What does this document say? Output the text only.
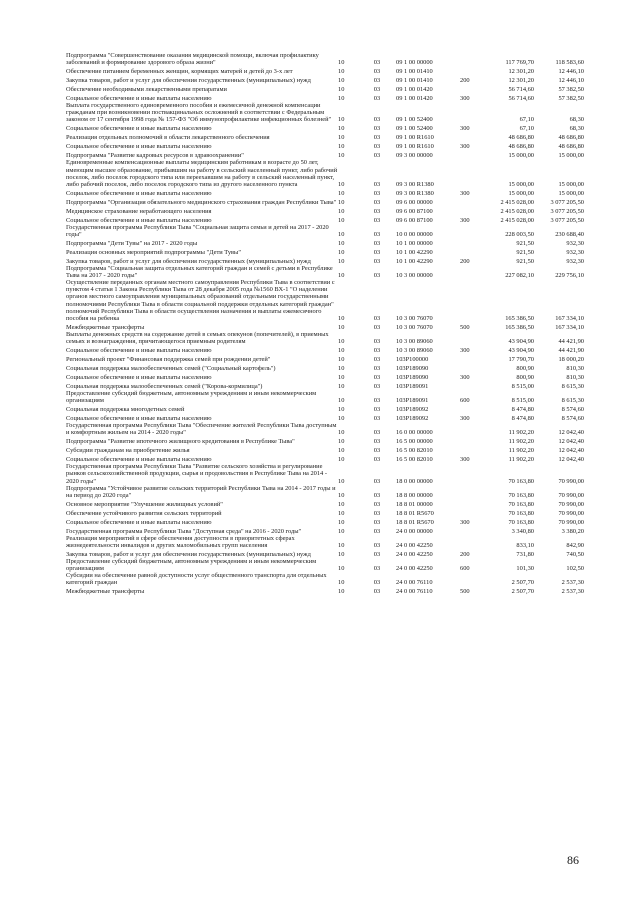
Подпрограмма "Совершенствование оказания медицинской помощи, включая профилактику заболеваний и формирование здорового образа жизни"	10	03	09 1 00 00000		117 769,70	118 583,60
Обеспечение питанием беременных женщин, кормящих матерей и детей до 3-х лет	10	03	09 1 00 01410		12 301,20	12 446,10
Закупка товаров, работ и услуг для обеспечения государственных (муниципальных) нужд	10	03	09 1 00 01410	200	12 301,20	12 446,10
Обеспечение необходимыми лекарственными препаратами	10	03	09 1 00 01420		56 714,60	57 382,50
Социальное обеспечение и иные выплаты населению	10	03	09 1 00 01420	300	56 714,60	57 382,50
Выплата государственного единовременного пособия и ежемесячной денежной компенсации гражданам при возникновении поствакцинальных осложнений в соответствии с Федеральным законом от 17 сентября 1998 года № 157-ФЗ "Об иммунопрофилактике инфекционных болезней"	10	03	09 1 00 52400		67,10	68,30
Социальное обеспечение и иные выплаты населению	10	03	09 1 00 52400	300	67,10	68,30
Реализация отдельных полномочий в области лекарственного обеспечения	10	03	09 1 00 R1610		48 686,80	48 686,80
Социальное обеспечение и иные выплаты населению	10	03	09 1 00 R1610	300	48 686,80	48 686,80
Подпрограмма "Развитие кадровых ресурсов в здравоохранении"	10	03	09 3 00 00000		15 000,00	15 000,00
Единовременные компенсационные выплаты медицинским работникам в возрасте до 50 лет, имеющим высшее образование, прибывшим на работу в сельский населенный пункт, либо рабочий поселок, либо поселок городского типа или переехавшим на работу в сельский населенный пункт, либо рабочий поселок, либо поселок городского типа из другого населенного пункта	10	03	09 3 00 R1380		15 000,00	15 000,00
Социальное обеспечение и иные выплаты населению	10	03	09 3 00 R1380	300	15 000,00	15 000,00
Подпрограмма "Организация обязательного медицинского страхования граждан Республики Тыва"	10	03	09 6 00 00000		2 415 028,00	3 077 205,50
Медицинское страхование неработающего населения	10	03	09 6 00 87100		2 415 028,00	3 077 205,50
Социальное обеспечение и иные выплаты населению	10	03	09 6 00 87100	300	2 415 028,00	3 077 205,50
Государственная программа Республики Тыва "Социальная защита семьи и детей на 2017 - 2020 годы"	10	03	10 0 00 00000		228 003,50	230 688,40
Подпрограмма "Дети Тувы" на 2017 - 2020 годы	10	03	10 1 00 00000		921,50	932,30
Реализация основных мероприятий подпрограммы "Дети Тувы"	10	03	10 1 00 42290		921,50	932,30
Закупка товаров, работ и услуг для обеспечения государственных (муниципальных) нужд	10	03	10 1 00 42290	200	921,50	932,30
Подпрограмма "Социальная защита отдельных категорий граждан и семей с детьми в Республике Тыва на 2017 - 2020 годы"	10	03	10 3 00 00000		227 082,10	229 756,10
Осуществление переданных органам местного самоуправления Республики Тыва в соответствии с пунктом 4 статьи 1 Закона Республики Тыва от 28 декабря 2005 года №1560 ВХ-1 "О наделении органов местного самоуправления муниципальных образований отдельными государственными полномочиями Республики Тыва в области социальной поддержки отдельных категорий граждан" полномочий Республики Тыва в области осуществления назначения и выплаты ежемесячного пособия на ребенка	10	03	10 3 00 76070		165 386,50	167 334,10
Межбюджетные трансферты	10	03	10 3 00 76070	500	165 386,50	167 334,10
Выплаты денежных средств на содержание детей в семьях опекунов (попечителей), в приемных семьях и вознаграждения, причитающегося приемным родителям	10	03	10 3 00 89060		43 904,90	44 421,90
Социальное обеспечение и иные выплаты населению	10	03	10 3 00 89060	300	43 904,90	44 421,90
Региональный проект "Финансовая поддержка семей при рождении детей"	10	03	103P100000		17 790,70	18 000,20
Социальная поддержка малообеспеченных семей ("Социальный картофель")	10	03	103P189090		800,90	810,30
Социальное обеспечение и иные выплаты населению	10	03	103P189090	300	800,90	810,30
Социальная поддержка малообеспеченных семей ("Корова-кормилица")	10	03	103P189091		8 515,00	8 615,30
Предоставление субсидий бюджетным, автономным учреждениям и иным некоммерческим организациям	10	03	103P189091	600	8 515,00	8 615,30
Социальная поддержка многодетных семей	10	03	103P189092		8 474,80	8 574,60
Социальное обеспечение и иные выплаты населению	10	03	103P189092	300	8 474,80	8 574,60
Государственная программа Республики Тыва "Обеспечение жителей Республики Тыва доступным и комфортным жильем на 2014 - 2020 годы"	10	03	16 0 00 00000		11 902,20	12 042,40
Подпрограмма "Развитие ипотечного жилищного кредитования в Республике Тыва"	10	03	16 5 00 00000		11 902,20	12 042,40
Субсидии гражданам на приобретение жилья	10	03	16 5 00 82010		11 902,20	12 042,40
Социальное обеспечение и иные выплаты населению	10	03	16 5 00 82010	300	11 902,20	12 042,40
Государственная программа Республики Тыва "Развитие сельского хозяйства и регулирование рынков сельскохозяйственной продукции, сырья и продовольствия в Республике Тыва на 2014 - 2020 годы"	10	03	18 0 00 00000		70 163,80	70 990,00
Подпрограмма "Устойчивое развитие сельских территорий Республики Тыва на 2014 - 2017 годы и на период до 2020 года"	10	03	18 8 00 00000		70 163,80	70 990,00
Основное мероприятие "Улучшение жилищных условий"	10	03	18 8 01 00000		70 163,80	70 990,00
Обеспечение устойчивого развития сельских территорий	10	03	18 8 01 R5670		70 163,80	70 990,00
Социальное обеспечение и иные выплаты населению	10	03	18 8 01 R5670	300	70 163,80	70 990,00
Государственная программа Республики Тыва "Доступная среда" на 2016 - 2020 годы"	10	03	24 0 00 00000		3 340,80	3 380,20
Реализация мероприятий в сфере обеспечения доступности в приоритетных сферах жизнедеятельности инвалидов и других маломобильных групп населения	10	03	24 0 00 42250		833,10	842,90
Закупка товаров, работ и услуг для обеспечения государственных (муниципальных) нужд	10	03	24 0 00 42250	200	731,80	740,50
Предоставление субсидий бюджетным, автономным учреждениям и иным некоммерческим организациям	10	03	24 0 00 42250	600	101,30	102,50
Субсидии на обеспечение равной доступности услуг общественного транспорта для отдельных категорий граждан	10	03	24 0 00 76110		2 507,70	2 537,30
Межбюджетные трансферты	10	03	24 0 00 76110	500	2 507,70	2 537,30
86
